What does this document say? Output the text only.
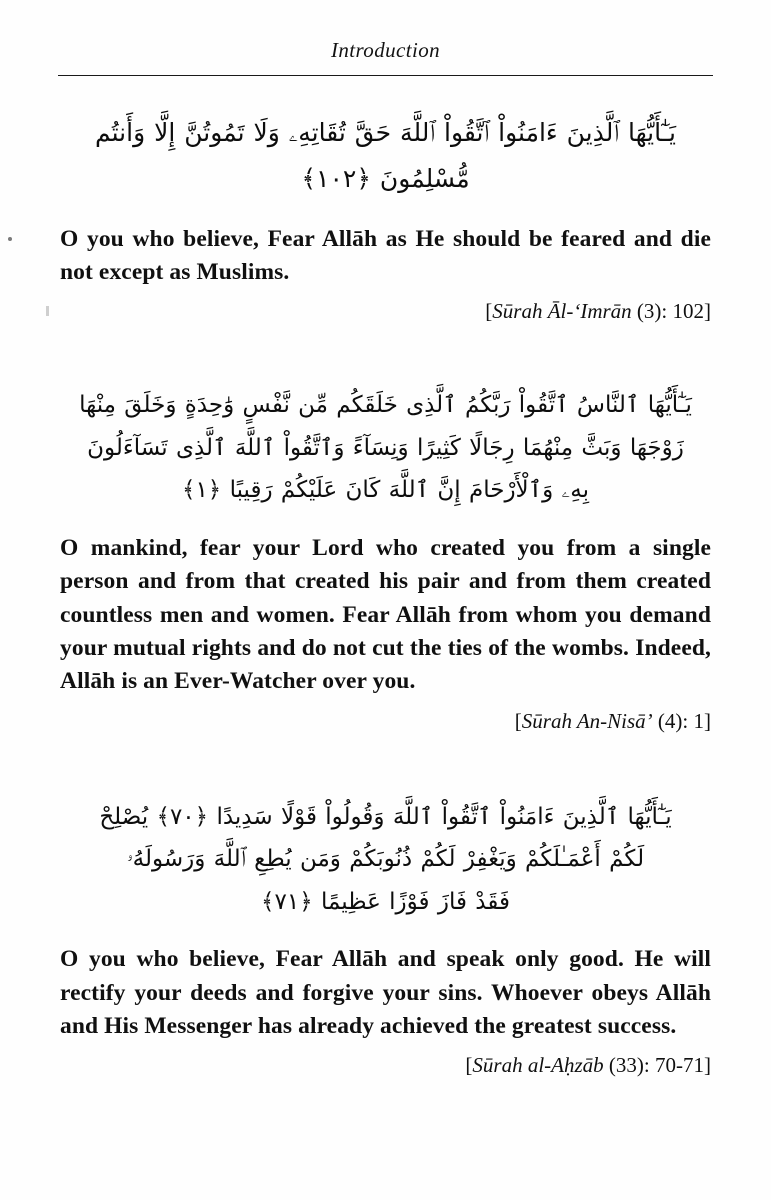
Introduction
يَـٰٓأَيُّهَا ٱلَّذِينَ ءَامَنُواْ ٱتَّقُواْ ٱللَّهَ حَقَّ تُقَاتِهِۦ وَلَا تَمُوتُنَّ إِلَّا وَأَنتُم
مُّسْلِمُونَ ﴿١٠٢﴾
O you who believe, Fear Allāh as He should be feared and die not except as Muslims.
[Sūrah Āl-‘Imrān (3): 102]
يَـٰٓأَيُّهَا ٱلنَّاسُ ٱتَّقُواْ رَبَّكُمُ ٱلَّذِى خَلَقَكُم مِّن نَّفْسٍ وَٰحِدَةٍ وَخَلَقَ مِنْهَا
زَوْجَهَا وَبَثَّ مِنْهُمَا رِجَالًا كَثِيرًا وَنِسَآءً وَٱتَّقُواْ ٱللَّهَ ٱلَّذِى تَسَآءَلُونَ
بِهِۦ وَٱلْأَرْحَامَ إِنَّ ٱللَّهَ كَانَ عَلَيْكُمْ رَقِيبًا ﴿١﴾
O mankind, fear your Lord who created you from a single person and from that created his pair and from them created countless men and women. Fear Allāh from whom you demand your mutual rights and do not cut the ties of the wombs. Indeed, Allāh is an Ever-Watcher over you.
[Sūrah An-Nisā’ (4): 1]
يَـٰٓأَيُّهَا ٱلَّذِينَ ءَامَنُواْ ٱتَّقُواْ ٱللَّهَ وَقُولُواْ قَوْلًا سَدِيدًا ﴿٧٠﴾ يُصْلِحْ
لَكُمْ أَعْمَـٰلَكُمْ وَيَغْفِرْ لَكُمْ ذُنُوبَكُمْ وَمَن يُطِعِ ٱللَّهَ وَرَسُولَهُۥ
فَقَدْ فَازَ فَوْزًا عَظِيمًا ﴿٧١﴾
O you who believe, Fear Allāh and speak only good. He will rectify your deeds and forgive your sins. Whoever obeys Allāh and His Messenger has already achieved the greatest success.
[Sūrah al-Aḥzāb (33): 70-71]
